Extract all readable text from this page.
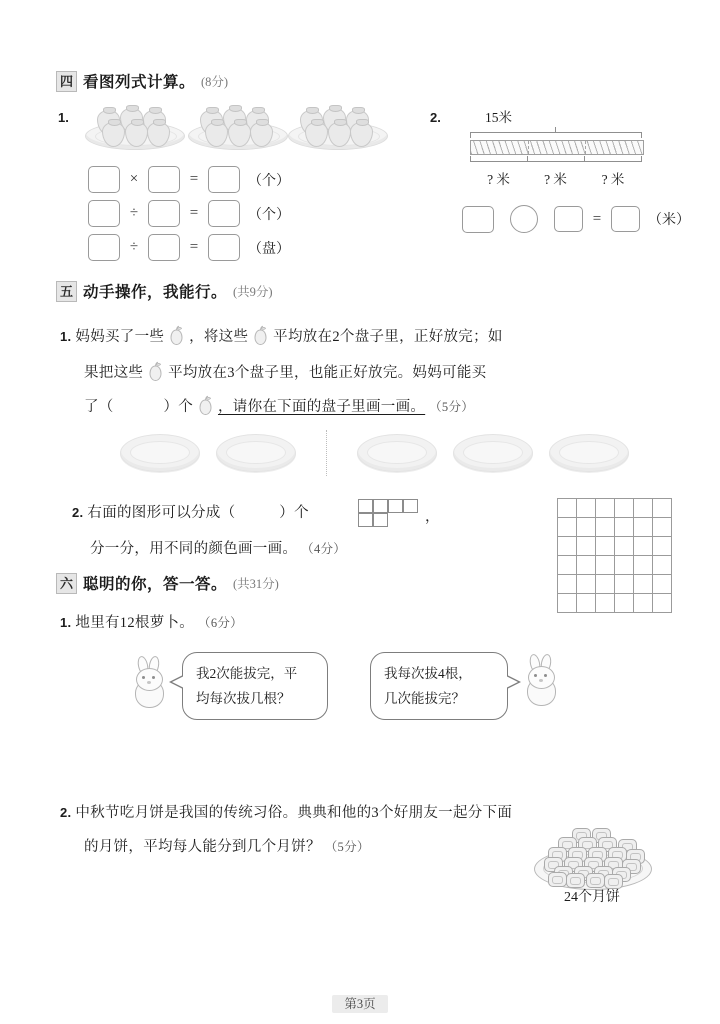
四 看图列式计算。 (8分)
1.
×	=	（个）
÷	=	（个）
÷	=	（盘）
2.	15米
? 米	? 米	? 米
=	（米）
五 动手操作，我能行。 (共9分)
1. 妈妈买了一些 ，将这些 平均放在2个盘子里，正好放完；如
果把这些 平均放在3个盘子里，也能正好放完。妈妈可能买
了（	）个 ，请你在下面的盘子里画一画。 （5分）
2. 右面的图形可以分成（	）个	，
分一分，用不同的颜色画一画。 （4分）
六 聪明的你，答一答。 (共31分)
1. 地里有12根萝卜。 （6分）
我2次能拔完，平
均每次拔几根？
我每次拔4根，
几次能拔完？
2. 中秋节吃月饼是我国的传统习俗。典典和他的3个好朋友一起分下面
的月饼，平均每人能分到几个月饼？ （5分）
24个月饼
第3页
